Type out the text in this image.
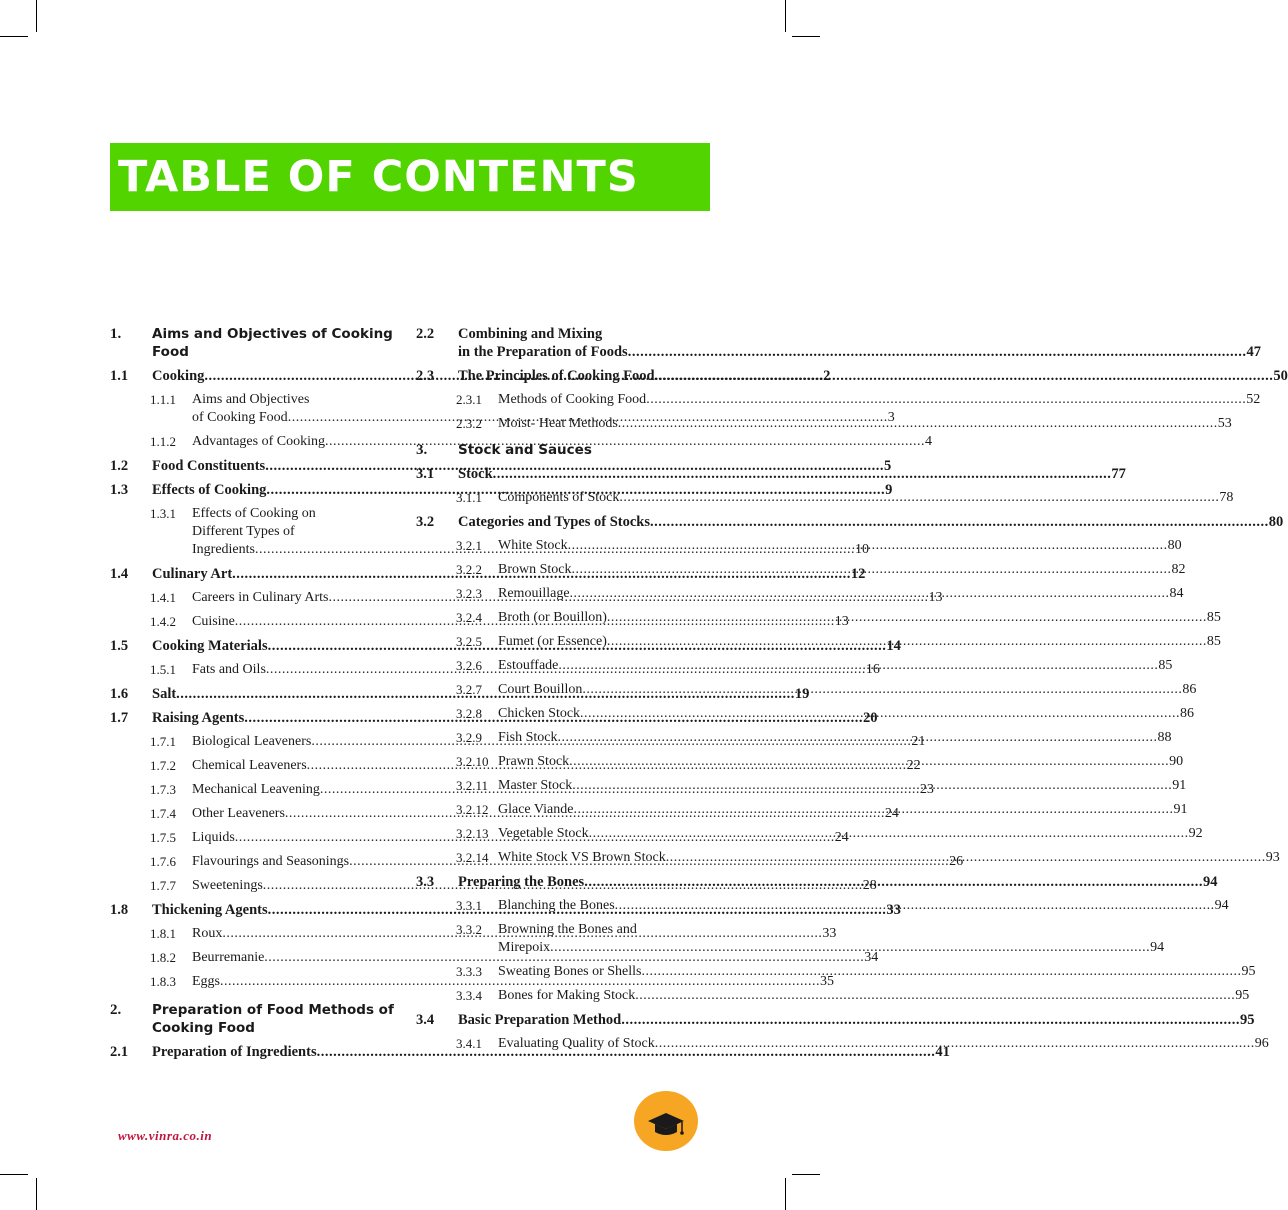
TABLE OF CONTENTS
1.	Aims and Objectives of Cooking
Food
1.1	Cooking .....	2
1.1.1	Aims and Objectives
of Cooking Food .....	3
1.1.2	Advantages of Cooking .....	4
1.2	Food Constituents .....	5
1.3	Effects of Cooking .....	9
1.3.1	Effects of Cooking on
Different Types of
Ingredients .....	10
1.4	Culinary Art .....	12
1.4.1	Careers in Culinary Arts .....	13
1.4.2	Cuisine .....	13
1.5	Cooking Materials .....	14
1.5.1	Fats and Oils .....	16
1.6	Salt .....	19
1.7	Raising Agents .....	20
1.7.1	Biological Leaveners .....	21
1.7.2	Chemical Leaveners .....	22
1.7.3	Mechanical Leavening .....	23
1.7.4	Other Leaveners .....	24
1.7.5	Liquids .....	24
1.7.6	Flavourings and Seasonings .....	26
1.7.7	Sweetenings .....	28
1.8	Thickening Agents .....	33
1.8.1	Roux .....	33
1.8.2	Beurremanie .....	34
1.8.3	Eggs .....	35
2.	Preparation of Food Methods of
Cooking Food
2.1	Preparation of Ingredients .....	41
2.2	Combining and Mixing
in the Preparation of Foods .....	47
2.3	The Principles of Cooking Food .....	50
2.3.1	Methods of Cooking Food .....	52
2.3.2	Moist- Heat Methods .....	53
3.	Stock and Sauces
3.1	Stock .....	77
3.1.1	Components of Stock .....	78
3.2	Categories and Types of Stocks .....	80
3.2.1	White Stock .....	80
3.2.2	Brown Stock .....	82
3.2.3	Remouillage .....	84
3.2.4	Broth (or Bouillon) .....	85
3.2.5	Fumet (or Essence) .....	85
3.2.6	Estouffade .....	85
3.2.7	Court Bouillon .....	86
3.2.8	Chicken Stock .....	86
3.2.9	Fish Stock .....	88
3.2.10 Prawn Stock .....	90
3.2.11 Master Stock .....	91
3.2.12 Glace Viande .....	91
3.2.13 Vegetable Stock .....	92
3.2.14 White Stock VS Brown Stock .....	93
3.3	Preparing the Bones .....	94
3.3.1	Blanching the Bones .....	94
3.3.2	Browning the Bones and
Mirepoix .....	94
3.3.3	Sweating Bones or Shells .....	95
3.3.4	Bones for Making Stock .....	95
3.4	Basic Preparation Method .....	95
3.4.1	Evaluating Quality of Stock .....	96
www.vinra.co.in
